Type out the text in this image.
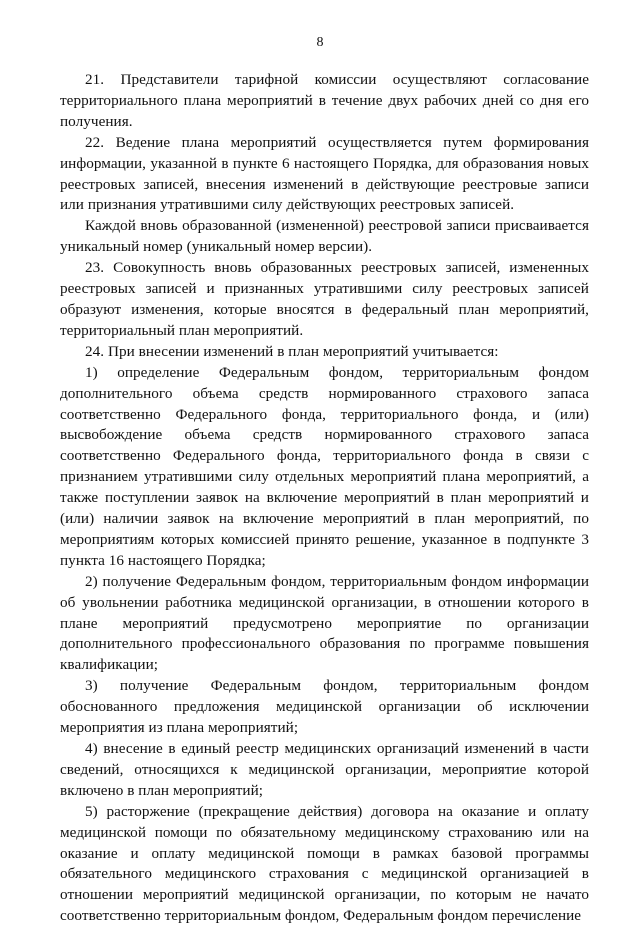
8

21. Представители тарифной комиссии осуществляют согласование территориального плана мероприятий в течение двух рабочих дней со дня его получения.

22. Ведение плана мероприятий осуществляется путем формирования информации, указанной в пункте 6 настоящего Порядка, для образования новых реестровых записей, внесения изменений в действующие реестровые записи или признания утратившими силу действующих реестровых записей.

Каждой вновь образованной (измененной) реестровой записи присваивается уникальный номер (уникальный номер версии).

23. Совокупность вновь образованных реестровых записей, измененных реестровых записей и признанных утратившими силу реестровых записей образуют изменения, которые вносятся в федеральный план мероприятий, территориальный план мероприятий.

24. При внесении изменений в план мероприятий учитывается:

1) определение Федеральным фондом, территориальным фондом дополнительного объема средств нормированного страхового запаса соответственно Федерального фонда, территориального фонда, и (или) высвобождение объема средств нормированного страхового запаса соответственно Федерального фонда, территориального фонда в связи с признанием утратившими силу отдельных мероприятий плана мероприятий, а также поступлении заявок на включение мероприятий в план мероприятий и (или) наличии заявок на включение мероприятий в план мероприятий, по мероприятиям которых комиссией принято решение, указанное в подпункте 3 пункта 16 настоящего Порядка;

2) получение Федеральным фондом, территориальным фондом информации об увольнении работника медицинской организации, в отношении которого в плане мероприятий предусмотрено мероприятие по организации дополнительного профессионального образования по программе повышения квалификации;

3) получение Федеральным фондом, территориальным фондом обоснованного предложения медицинской организации об исключении мероприятия из плана мероприятий;

4) внесение в единый реестр медицинских организаций изменений в части сведений, относящихся к медицинской организации, мероприятие которой включено в план мероприятий;

5) расторжение (прекращение действия) договора на оказание и оплату медицинской помощи по обязательному медицинскому страхованию или на оказание и оплату медицинской помощи в рамках базовой программы обязательного медицинского страхования с медицинской организацией в отношении мероприятий медицинской организации, по которым не начато соответственно территориальным фондом, Федеральным фондом перечисление
